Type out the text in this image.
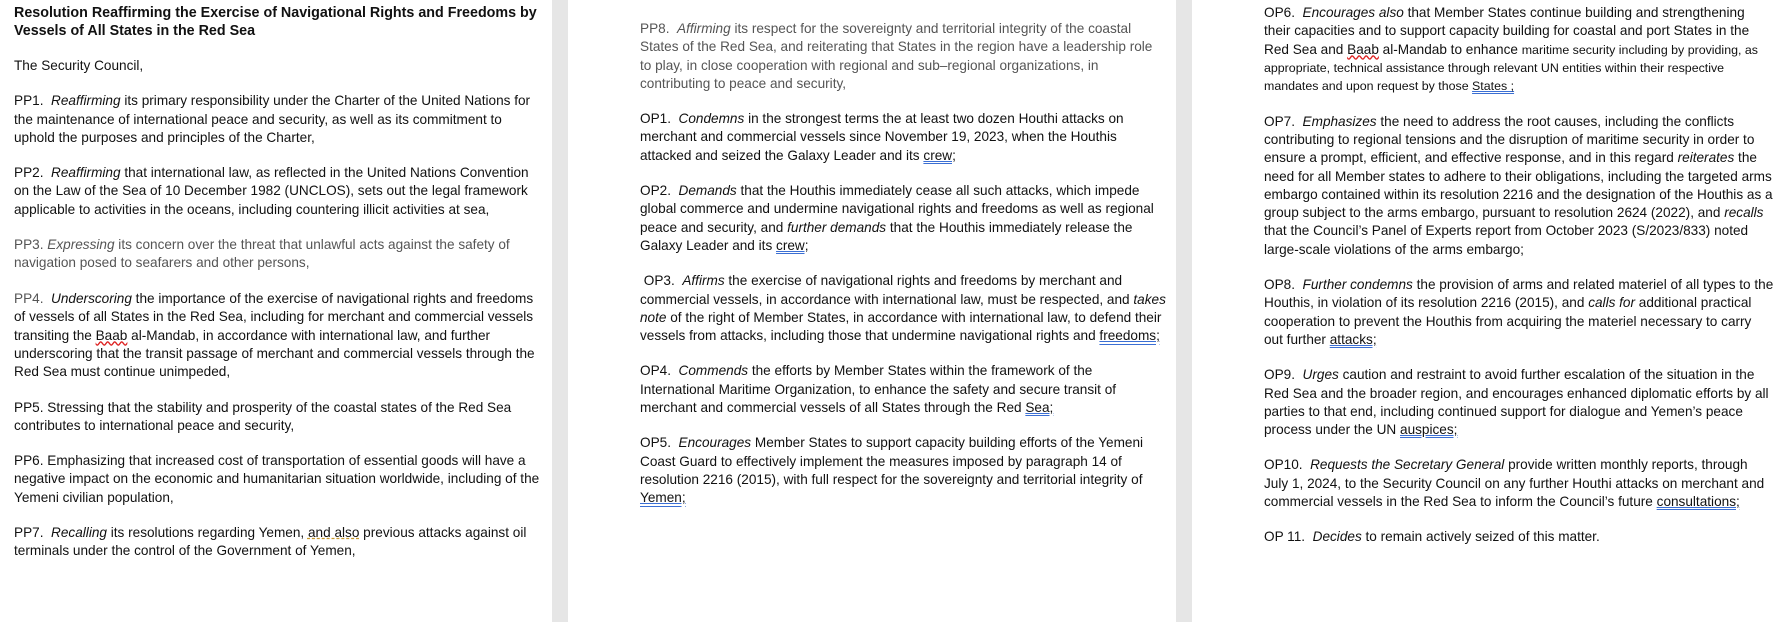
Resolution Reaffirming the Exercise of Navigational Rights and Freedoms by Vessels of All States in the Red Sea

The Security Council,

PP1. Reaffirming its primary responsibility under the Charter of the United Nations for the maintenance of international peace and security, as well as its commitment to uphold the purposes and principles of the Charter,

PP2. Reaffirming that international law, as reflected in the United Nations Convention on the Law of the Sea of 10 December 1982 (UNCLOS), sets out the legal framework applicable to activities in the oceans, including countering illicit activities at sea,

PP3. Expressing its concern over the threat that unlawful acts against the safety of navigation posed to seafarers and other persons,

PP4. Underscoring the importance of the exercise of navigational rights and freedoms of vessels of all States in the Red Sea, including for merchant and commercial vessels transiting the Baab al-Mandab, in accordance with international law, and further underscoring that the transit passage of merchant and commercial vessels through the Red Sea must continue unimpeded,

PP5. Stressing that the stability and prosperity of the coastal states of the Red Sea contributes to international peace and security,

PP6. Emphasizing that increased cost of transportation of essential goods will have a negative impact on the economic and humanitarian situation worldwide, including of the Yemeni civilian population,

PP7. Recalling its resolutions regarding Yemen, and also previous attacks against oil terminals under the control of the Government of Yemen,

PP8. Affirming its respect for the sovereignty and territorial integrity of the coastal States of the Red Sea, and reiterating that States in the region have a leadership role to play, in close cooperation with regional and sub–regional organizations, in contributing to peace and security,

OP1. Condemns in the strongest terms the at least two dozen Houthi attacks on merchant and commercial vessels since November 19, 2023, when the Houthis attacked and seized the Galaxy Leader and its crew;

OP2. Demands that the Houthis immediately cease all such attacks, which impede global commerce and undermine navigational rights and freedoms as well as regional peace and security, and further demands that the Houthis immediately release the Galaxy Leader and its crew;

OP3. Affirms the exercise of navigational rights and freedoms by merchant and commercial vessels, in accordance with international law, must be respected, and takes note of the right of Member States, in accordance with international law, to defend their vessels from attacks, including those that undermine navigational rights and freedoms;

OP4. Commends the efforts by Member States within the framework of the International Maritime Organization, to enhance the safety and secure transit of merchant and commercial vessels of all States through the Red Sea;

OP5. Encourages Member States to support capacity building efforts of the Yemeni Coast Guard to effectively implement the measures imposed by paragraph 14 of resolution 2216 (2015), with full respect for the sovereignty and territorial integrity of Yemen;

OP6. Encourages also that Member States continue building and strengthening their capacities and to support capacity building for coastal and port States in the Red Sea and Baab al-Mandab to enhance maritime security including by providing, as appropriate, technical assistance through relevant UN entities within their respective mandates and upon request by those States ;

OP7. Emphasizes the need to address the root causes, including the conflicts contributing to regional tensions and the disruption of maritime security in order to ensure a prompt, efficient, and effective response, and in this regard reiterates the need for all Member states to adhere to their obligations, including the targeted arms embargo contained within its resolution 2216 and the designation of the Houthis as a group subject to the arms embargo, pursuant to resolution 2624 (2022), and recalls that the Council’s Panel of Experts report from October 2023 (S/2023/833) noted large-scale violations of the arms embargo;

OP8. Further condemns the provision of arms and related materiel of all types to the Houthis, in violation of its resolution 2216 (2015), and calls for additional practical cooperation to prevent the Houthis from acquiring the materiel necessary to carry out further attacks;

OP9. Urges caution and restraint to avoid further escalation of the situation in the Red Sea and the broader region, and encourages enhanced diplomatic efforts by all parties to that end, including continued support for dialogue and Yemen’s peace process under the UN auspices;

OP10. Requests the Secretary General provide written monthly reports, through July 1, 2024, to the Security Council on any further Houthi attacks on merchant and commercial vessels in the Red Sea to inform the Council’s future consultations;

OP 11. Decides to remain actively seized of this matter.
